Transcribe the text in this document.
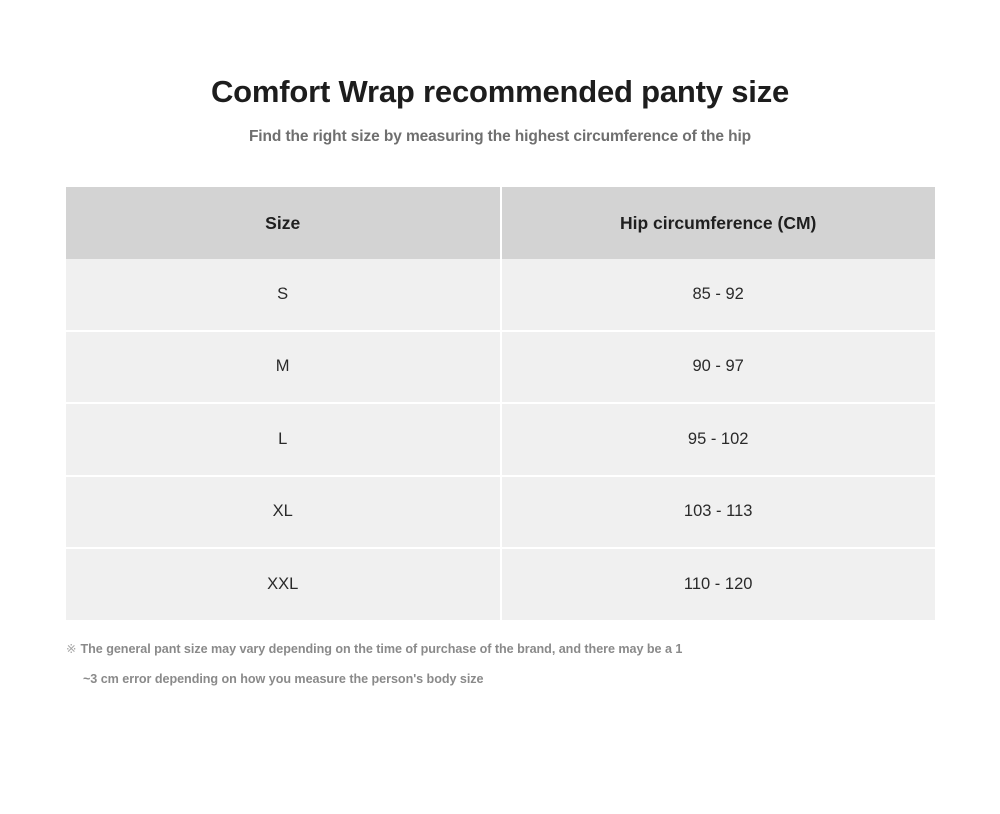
Comfort Wrap recommended panty size

Find the right size by measuring the highest circumference of the hip

Size	Hip circumference (CM)
S	85 - 92
M	90 - 97
L	95 - 102
XL	103 - 113
XXL	110 - 120
※ The general pant size may vary depending on the time of purchase of the brand, and there may be a 1
~3 cm error depending on how you measure the person's body size
